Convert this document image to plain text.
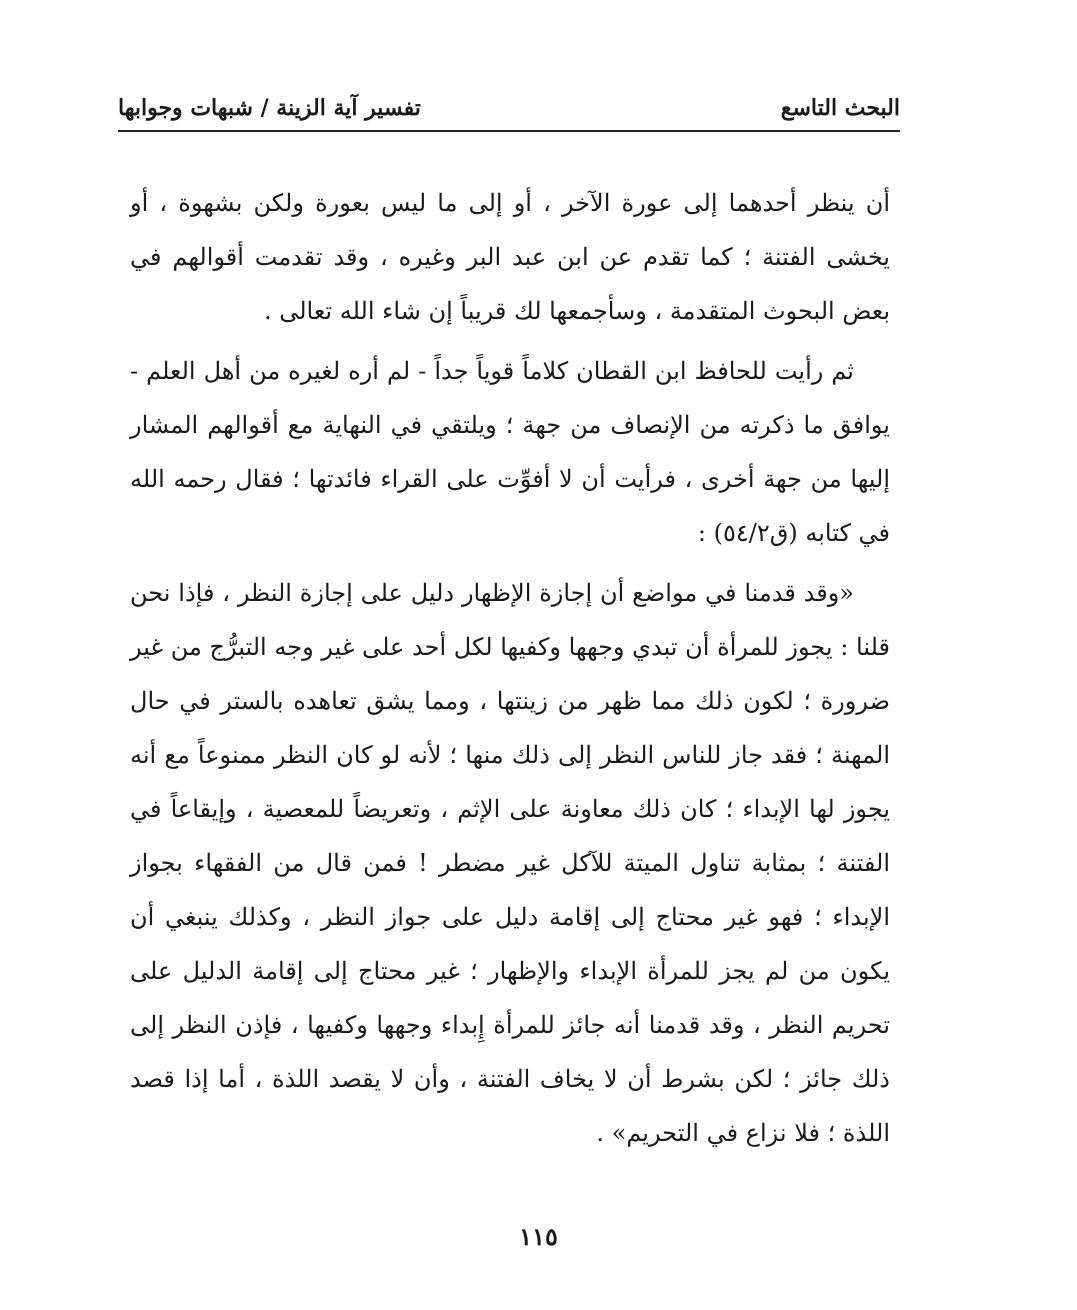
البحث التاسع
تفسير آية الزينة / شبهات وجوابها

أن ينظر أحدهما إلى عورة الآخر ، أو إلى ما ليس بعورة ولكن بشهوة ، أو يخشى الفتنة ؛ كما تقدم عن ابن عبد البر وغيره ، وقد تقدمت أقوالهم في بعض البحوث المتقدمة ، وسأجمعها لك قريباً إن شاء الله تعالى .

ثم رأيت للحافظ ابن القطان كلاماً قوياً جداً - لم أره لغيره من أهل العلم - يوافق ما ذكرته من الإنصاف من جهة ؛ ويلتقي في النهاية مع أقوالهم المشار إليها من جهة أخرى ، فرأيت أن لا أفوِّت على القراء فائدتها ؛ فقال رحمه الله في كتابه (ق٥٤/٢) :

«وقد قدمنا في مواضع أن إجازة الإظهار دليل على إجازة النظر ، فإذا نحن قلنا : يجوز للمرأة أن تبدي وجهها وكفيها لكل أحد على غير وجه التبرُّج من غير ضرورة ؛ لكون ذلك مما ظهر من زينتها ، ومما يشق تعاهده بالستر في حال المهنة ؛ فقد جاز للناس النظر إلى ذلك منها ؛ لأنه لو كان النظر ممنوعاً مع أنه يجوز لها الإبداء ؛ كان ذلك معاونة على الإثم ، وتعريضاً للمعصية ، وإيقاعاً في الفتنة ؛ بمثابة تناول الميتة للآكل غير مضطر ! فمن قال من الفقهاء بجواز الإبداء ؛ فهو غير محتاج إلى إقامة دليل على جواز النظر ، وكذلك ينبغي أن يكون من لم يجز للمرأة الإبداء والإظهار ؛ غير محتاج إلى إقامة الدليل على تحريم النظر ، وقد قدمنا أنه جائز للمرأة إِبداء وجهها وكفيها ، فإذن النظر إلى ذلك جائز ؛ لكن بشرط أن لا يخاف الفتنة ، وأن لا يقصد اللذة ، أما إذا قصد اللذة ؛ فلا نزاع في التحريم» .

١١٥
